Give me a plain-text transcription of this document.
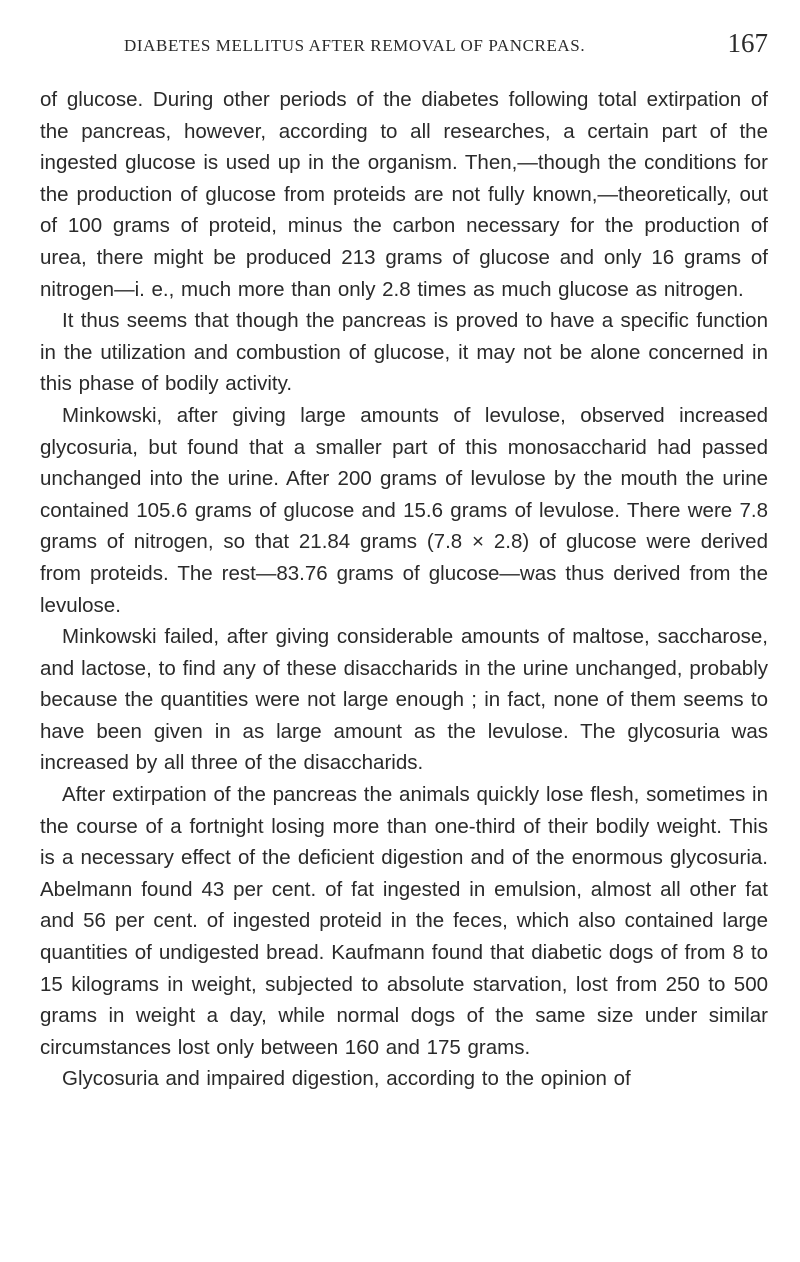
DIABETES MELLITUS AFTER REMOVAL OF PANCREAS.	167

of glucose. During other periods of the diabetes following total extirpation of the pancreas, however, according to all researches, a certain part of the ingested glucose is used up in the organism. Then,—though the conditions for the production of glucose from proteids are not fully known,—theoretically, out of 100 grams of proteid, minus the carbon necessary for the production of urea, there might be produced 213 grams of glucose and only 16 grams of nitrogen—i. e., much more than only 2.8 times as much glucose as nitrogen.

It thus seems that though the pancreas is proved to have a specific function in the utilization and combustion of glucose, it may not be alone concerned in this phase of bodily activity.

Minkowski, after giving large amounts of levulose, observed increased glycosuria, but found that a smaller part of this monosaccharid had passed unchanged into the urine. After 200 grams of levulose by the mouth the urine contained 105.6 grams of glucose and 15.6 grams of levulose. There were 7.8 grams of nitrogen, so that 21.84 grams (7.8 × 2.8) of glucose were derived from proteids. The rest—83.76 grams of glucose—was thus derived from the levulose.

Minkowski failed, after giving considerable amounts of maltose, saccharose, and lactose, to find any of these disaccharids in the urine unchanged, probably because the quantities were not large enough ; in fact, none of them seems to have been given in as large amount as the levulose. The glycosuria was increased by all three of the disaccharids.

After extirpation of the pancreas the animals quickly lose flesh, sometimes in the course of a fortnight losing more than one-third of their bodily weight. This is a necessary effect of the deficient digestion and of the enormous glycosuria. Abelmann found 43 per cent. of fat ingested in emulsion, almost all other fat and 56 per cent. of ingested proteid in the feces, which also contained large quantities of undigested bread. Kaufmann found that diabetic dogs of from 8 to 15 kilograms in weight, subjected to absolute starvation, lost from 250 to 500 grams in weight a day, while normal dogs of the same size under similar circumstances lost only between 160 and 175 grams.

Glycosuria and impaired digestion, according to the opinion of
